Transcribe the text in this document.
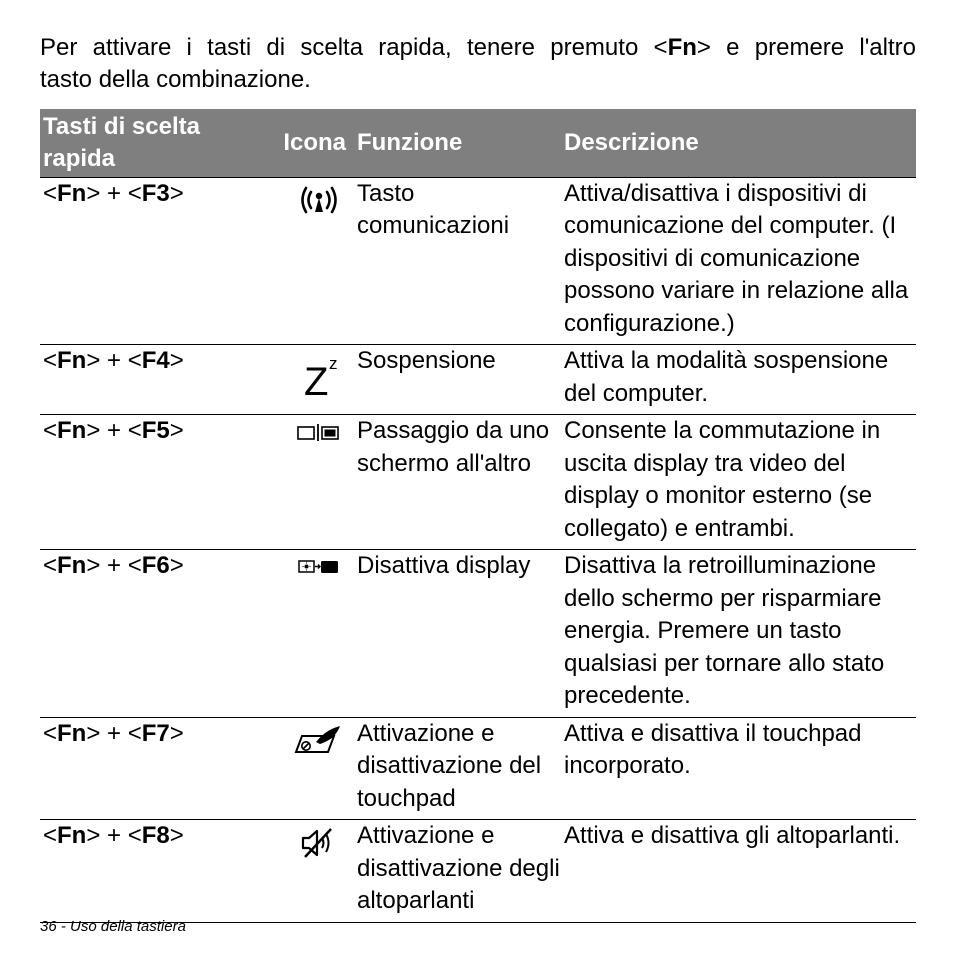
Per attivare i tasti di scelta rapida, tenere premuto <Fn> e premere l'altro
tasto della combinazione.

Tasti di scelta rapida	Icona	Funzione	Descrizione
<Fn> + <F3>		Tasto comunicazioni	Attiva/disattiva i dispositivi di comunicazione del computer. (I dispositivi di comunicazione possono variare in relazione alla configurazione.)
<Fn> + <F4>	Z z	Sospensione	Attiva la modalità sospensione del computer.
<Fn> + <F5>		Passaggio da uno schermo all'altro	Consente la commutazione in uscita display tra video del display o monitor esterno (se collegato) e entrambi.
<Fn> + <F6>		Disattiva display	Disattiva la retroilluminazione dello schermo per risparmiare energia. Premere un tasto qualsiasi per tornare allo stato precedente.
<Fn> + <F7>		Attivazione e disattivazione del touchpad	Attiva e disattiva il touchpad incorporato.
<Fn> + <F8>		Attivazione e disattivazione degli altoparlanti	Attiva e disattiva gli altoparlanti.
36 - Uso della tastiera
